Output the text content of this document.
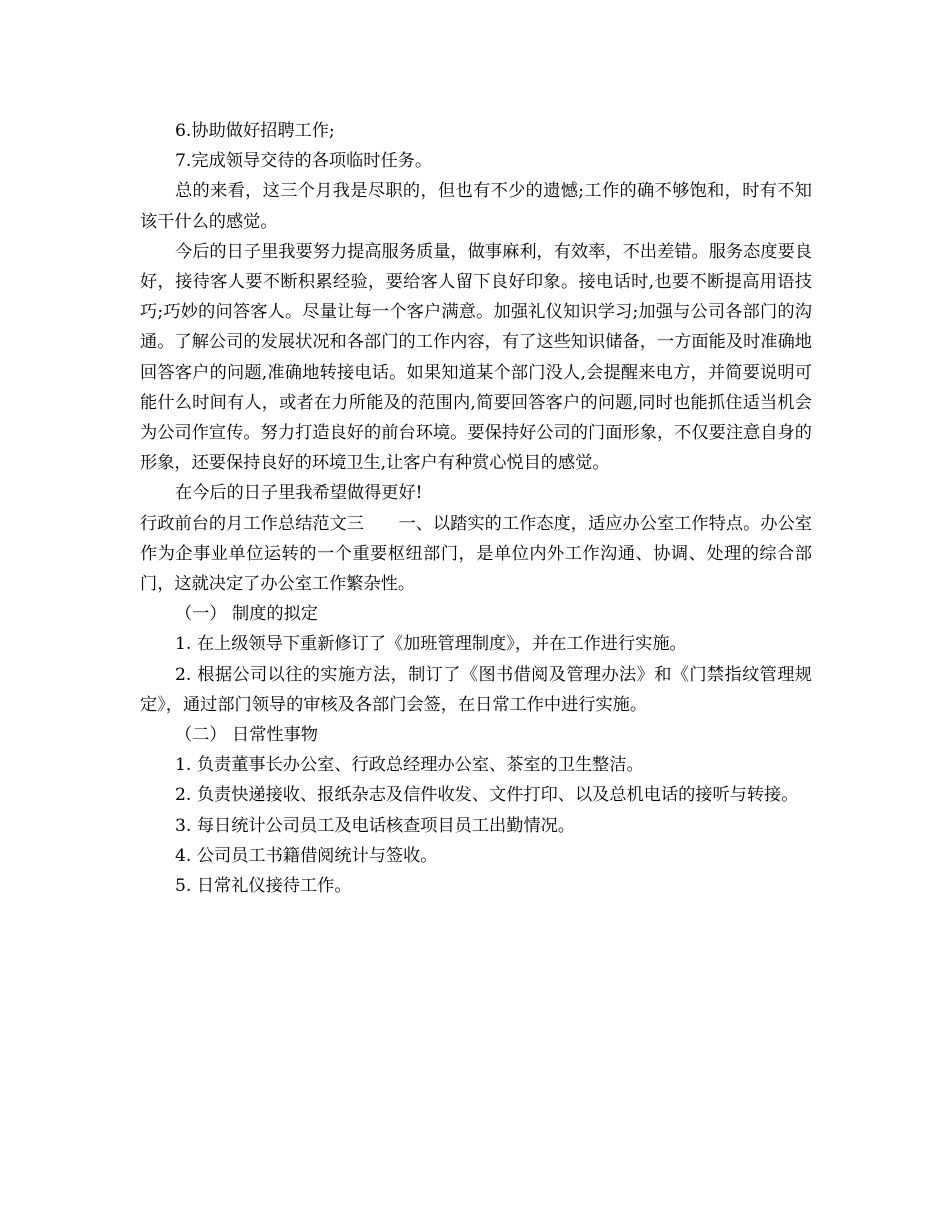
6.协助做好招聘工作;

7.完成领导交待的各项临时任务。

总的来看，这三个月我是尽职的，但也有不少的遗憾;工作的确不够饱和，时有不知该干什么的感觉。

今后的日子里我要努力提高服务质量，做事麻利，有效率，不出差错。服务态度要良好，接待客人要不断积累经验，要给客人留下良好印象。接电话时,也要不断提高用语技巧;巧妙的问答客人。尽量让每一个客户满意。加强礼仪知识学习;加强与公司各部门的沟通。了解公司的发展状况和各部门的工作内容，有了这些知识储备，一方面能及时准确地回答客户的问题,准确地转接电话。如果知道某个部门没人,会提醒来电方，并简要说明可能什么时间有人，或者在力所能及的范围内,简要回答客户的问题,同时也能抓住适当机会为公司作宣传。努力打造良好的前台环境。要保持好公司的门面形象，不仅要注意自身的形象，还要保持良好的环境卫生,让客户有种赏心悦目的感觉。

在今后的日子里我希望做得更好!

行政前台的月工作总结范文三　　一、以踏实的工作态度，适应办公室工作特点。办公室作为企事业单位运转的一个重要枢纽部门，是单位内外工作沟通、协调、处理的综合部门，这就决定了办公室工作繁杂性。

（一） 制度的拟定

1. 在上级领导下重新修订了《加班管理制度》，并在工作进行实施。

2. 根据公司以往的实施方法，制订了《图书借阅及管理办法》和《门禁指纹管理规定》，通过部门领导的审核及各部门会签，在日常工作中进行实施。

（二） 日常性事物

1. 负责董事长办公室、行政总经理办公室、茶室的卫生整洁。

2. 负责快递接收、报纸杂志及信件收发、文件打印、以及总机电话的接听与转接。

3. 每日统计公司员工及电话核查项目员工出勤情况。

4. 公司员工书籍借阅统计与签收。

5. 日常礼仪接待工作。
